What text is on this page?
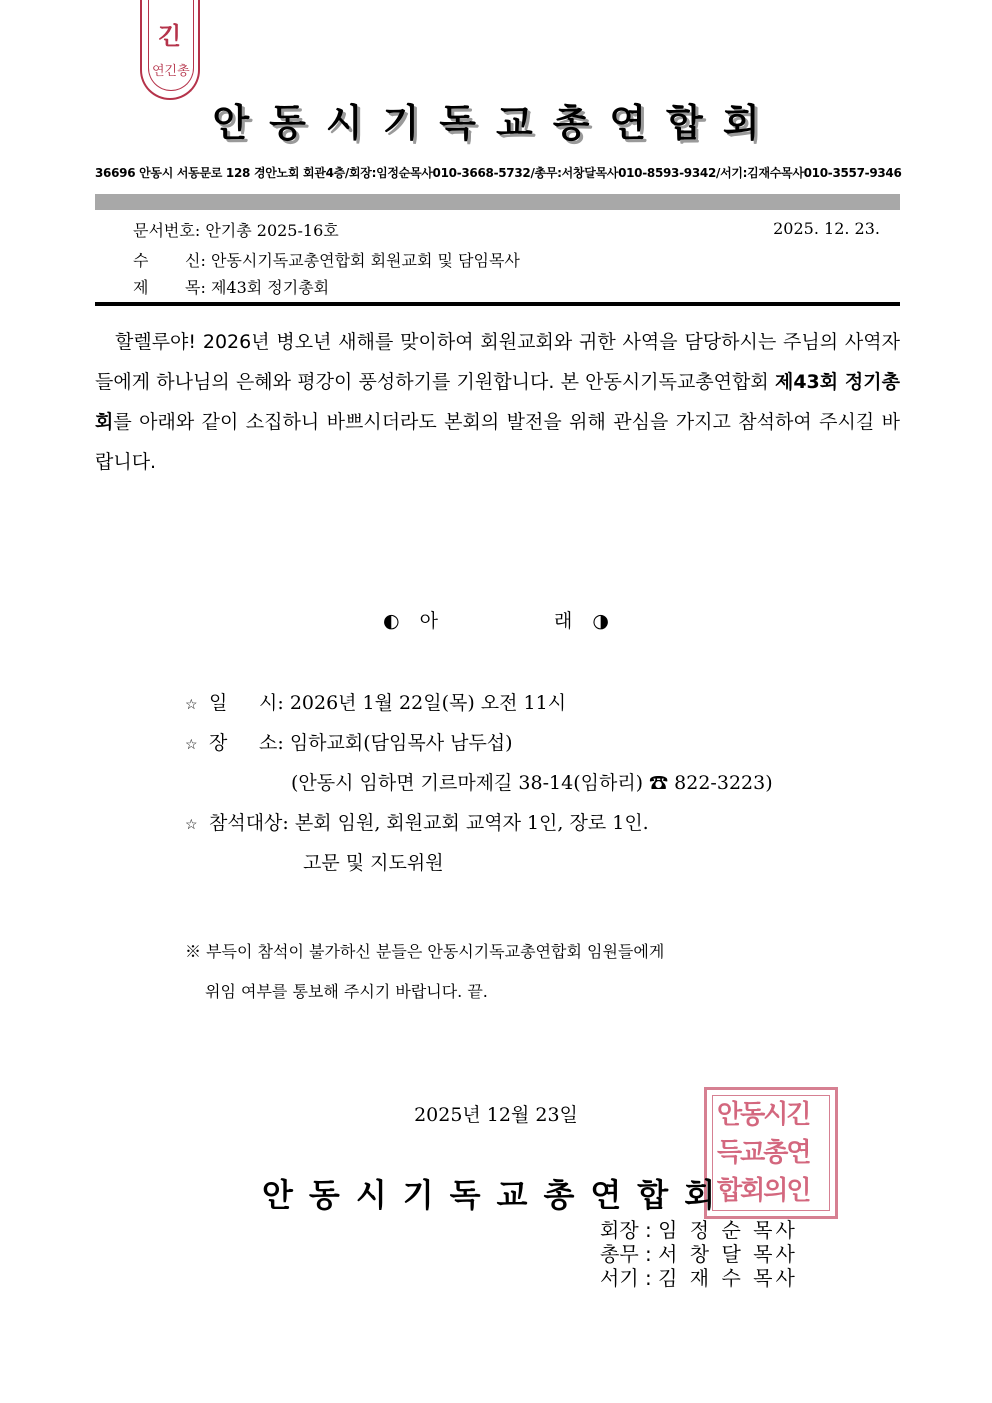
긴
연긴총
안동시기독교총연합회
36696 안동시 서동문로 128 경안노회 회관4층/회장:임정순목사010-3668-5732/총무:서창달목사010-8593-9342/서기:김재수목사010-3557-9346
문서번호: 안기총 2025-16호	2025. 12. 23.
수 신: 안동시기독교총연합회 회원교회 및 담임목사
제 목: 제43회 정기총회

할렐루야! 2026년 병오년 새해를 맞이하여 회원교회와 귀한 사역을 담당하시는 주님의 사역자들에게 하나님의 은혜와 평강이 풍성하기를 기원합니다. 본 안동시기독교총연합회 제43회 정기총회를 아래와 같이 소집하니 바쁘시더라도 본회의 발전을 위해 관심을 가지고 참석하여 주시길 바랍니다.

◐ 아	래 ◑
☆ 일 시: 2026년 1월 22일(목) 오전 11시
☆ 장 소: 임하교회(담임목사 남두섭)
(안동시 임하면 기르마제길 38-14(임하리) ☎ 822-3223)
☆ 참석대상: 본회 임원, 회원교회 교역자 1인, 장로 1인.
고문 및 지도위원
※ 부득이 참석이 불가하신 분들은 안동시기독교총연합회 임원들에게
위임 여부를 통보해 주시기 바랍니다. 끝.
2025년 12월 23일	안동시긴
득교총연
합회의인
안동시기독교총연합회
회장 : 임 정 순 목사
총무 : 서 창 달 목사
서기 : 김 재 수 목사
